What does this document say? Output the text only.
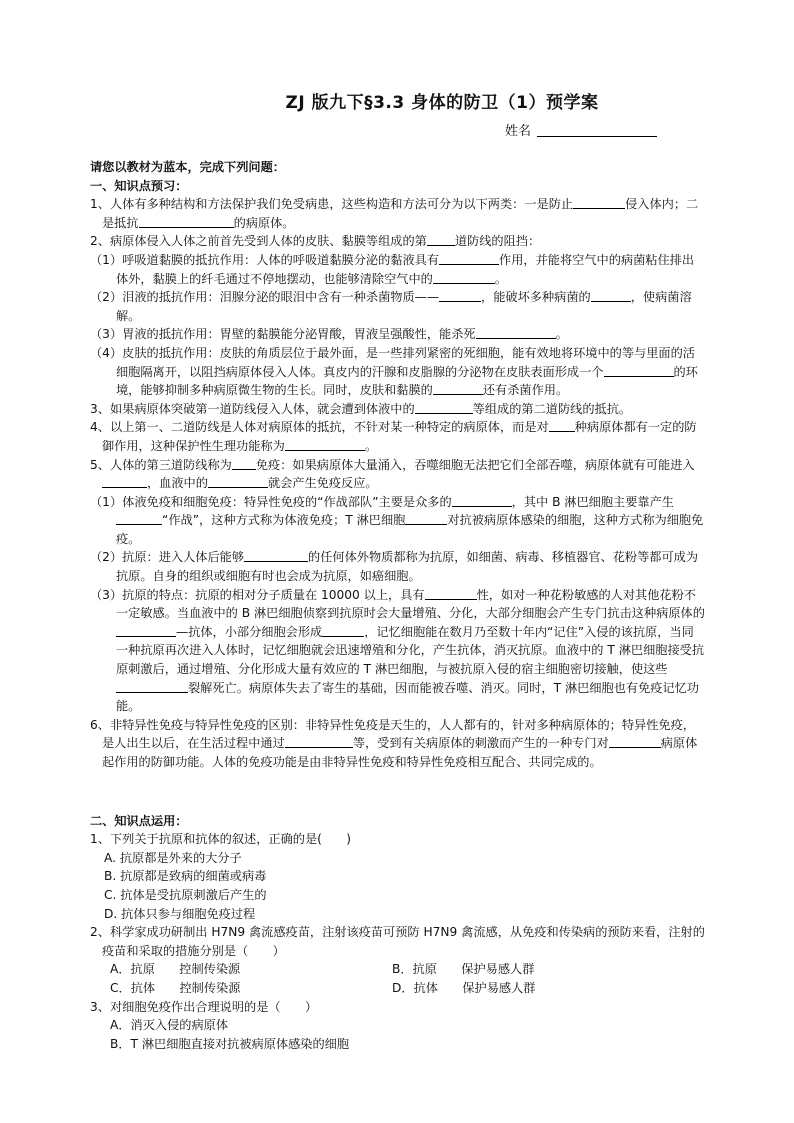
ZJ 版九下§3.3 身体的防卫（1）预学案
姓名

请您以教材为蓝本，完成下列问题：

一、知识点预习：

1、人体有多种结构和方法保护我们免受病患，这些构造和方法可分为以下两类：一是防止	侵入体内；二是抵抗	的病原体。

2、病原体侵入人体之前首先受到人体的皮肤、黏膜等组成的第 道防线的阻挡：

（1）呼吸道黏膜的抵抗作用：人体的呼吸道黏膜分泌的黏液具有	作用，并能将空气中的病菌粘住排出体外，黏膜上的纤毛通过不停地摆动，也能够清除空气中的	。

（2）泪液的抵抗作用：泪腺分泌的眼泪中含有一种杀菌物质——	，能破坏多种病菌的	，使病菌溶解。

（3）胃液的抵抗作用：胃壁的黏膜能分泌胃酸，胃液呈强酸性，能杀死	。

（4）皮肤的抵抗作用：皮肤的角质层位于最外面，是一些排列紧密的死细胞，能有效地将环境中的等与里面的活细胞隔离开，以阻挡病原体侵入人体。真皮内的汗腺和皮脂腺的分泌物在皮肤表面形成一个	的环境，能够抑制多种病原微生物的生长。同时，皮肤和黏膜的	还有杀菌作用。

3、如果病原体突破第一道防线侵入人体，就会遭到体液中的	等组成的第二道防线的抵抗。

4、以上第一、二道防线是人体对病原体的抵抗，不针对某一种特定的病原体，而是对 种病原体都有一定的防御作用，这种保护性生理功能称为	。

5、人体的第三道防线称为 免疫：如果病原体大量涌入，吞噬细胞无法把它们全部吞噬，病原体就有可能进入，血液中的	就会产生免疫反应。

（1）体液免疫和细胞免疫：特异性免疫的“作战部队”主要是众多的	，其中 B 淋巴细胞主要靠产生“作战”，这种方式称为体液免疫；T 淋巴细胞	对抗被病原体感染的细胞，这种方式称为细胞免疫。

（2）抗原：进入人体后能够	的任何体外物质都称为抗原，如细菌、病毒、移植器官、花粉等都可成为抗原。自身的组织或细胞有时也会成为抗原，如癌细胞。

（3）抗原的特点：抗原的相对分子质量在 10000 以上，具有	性，如对一种花粉敏感的人对其他花粉不一定敏感。当血液中的 B 淋巴细胞侦察到抗原时会大量增殖、分化，大部分细胞会产生专门抗击这种病原体的—抗体，小部分细胞会形成	，记忆细胞能在数月乃至数十年内“记住”入侵的该抗原，当同一种抗原再次进入人体时，记忆细胞就会迅速增殖和分化，产生抗体，消灭抗原。血液中的 T 淋巴细胞接受抗原刺激后，通过增殖、分化形成大量有效应的 T 淋巴细胞，与被抗原入侵的宿主细胞密切接触，使这些裂解死亡。病原体失去了寄生的基础，因而能被吞噬、消灭。同时，T 淋巴细胞也有免疫记忆功能。

6、非特异性免疫与特异性免疫的区别：非特异性免疫是天生的，人人都有的，针对多种病原体的；特异性免疫，是人出生以后，在生活过程中通过	等，受到有关病原体的刺激而产生的一种专门对	病原体起作用的防御功能。人体的免疫功能是由非特异性免疫和特异性免疫相互配合、共同完成的。

二、知识点运用：

1、下列关于抗原和抗体的叙述，正确的是(　　)

A. 抗原都是外来的大分子

B. 抗原都是致病的细菌或病毒

C. 抗体是受抗原刺激后产生的

D. 抗体只参与细胞免疫过程

2、科学家成功研制出 H7N9 禽流感疫苗，注射该疫苗可预防 H7N9 禽流感，从免疫和传染病的预防来看，注射的疫苗和采取的措施分别是（　　）

A．抗原　　控制传染源	B．抗原　　保护易感人群
C．抗体　　控制传染源	D．抗体　　保护易感人群

3、对细胞免疫作出合理说明的是（　　）

A．消灭入侵的病原体

B．T 淋巴细胞直接对抗被病原体感染的细胞
